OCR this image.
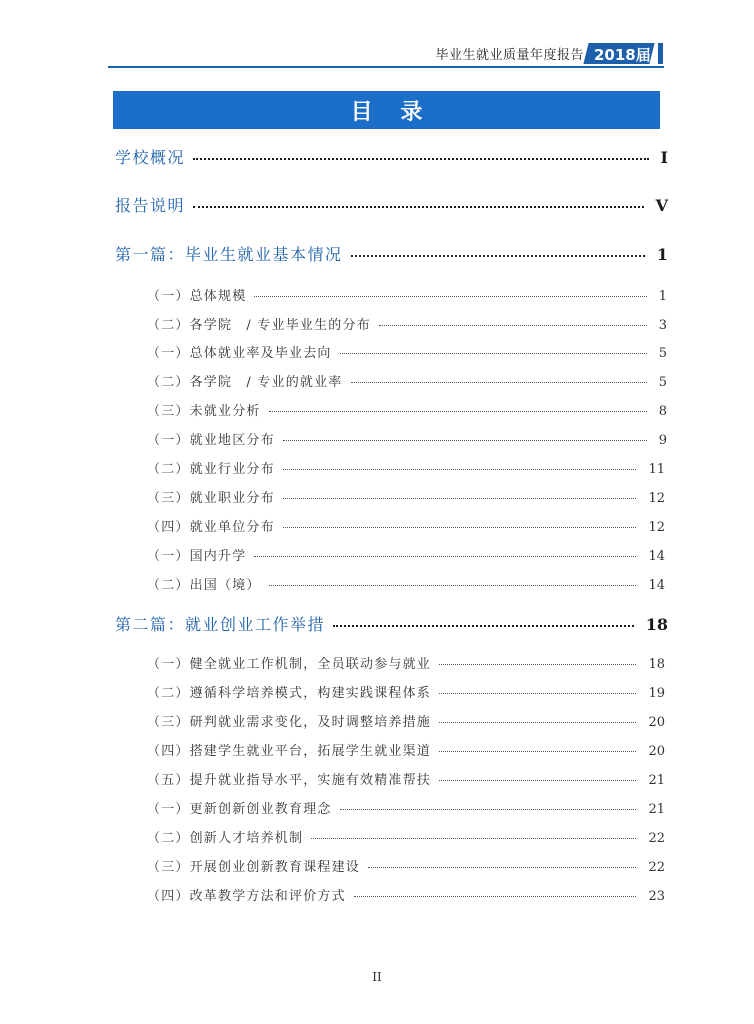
毕业生就业质量年度报告 2018届
目 录
学校概况	I
报告说明	V
第一篇：毕业生就业基本情况	1
（一）总体规模	1
（二）各学院　/ 专业毕业生的分布	3
（一）总体就业率及毕业去向	5
（二）各学院　/ 专业的就业率	5
（三）未就业分析	8
（一）就业地区分布	9
（二）就业行业分布	11
（三）就业职业分布	12
（四）就业单位分布	12
（一）国内升学	14
（二）出国（境）	14
第二篇：就业创业工作举措	18
（一）健全就业工作机制，全员联动参与就业	18
（二）遵循科学培养模式，构建实践课程体系	19
（三）研判就业需求变化，及时调整培养措施	20
（四）搭建学生就业平台，拓展学生就业渠道	20
（五）提升就业指导水平，实施有效精准帮扶	21
（一）更新创新创业教育理念	21
（二）创新人才培养机制	22
（三）开展创业创新教育课程建设	22
（四）改革教学方法和评价方式	23
II
